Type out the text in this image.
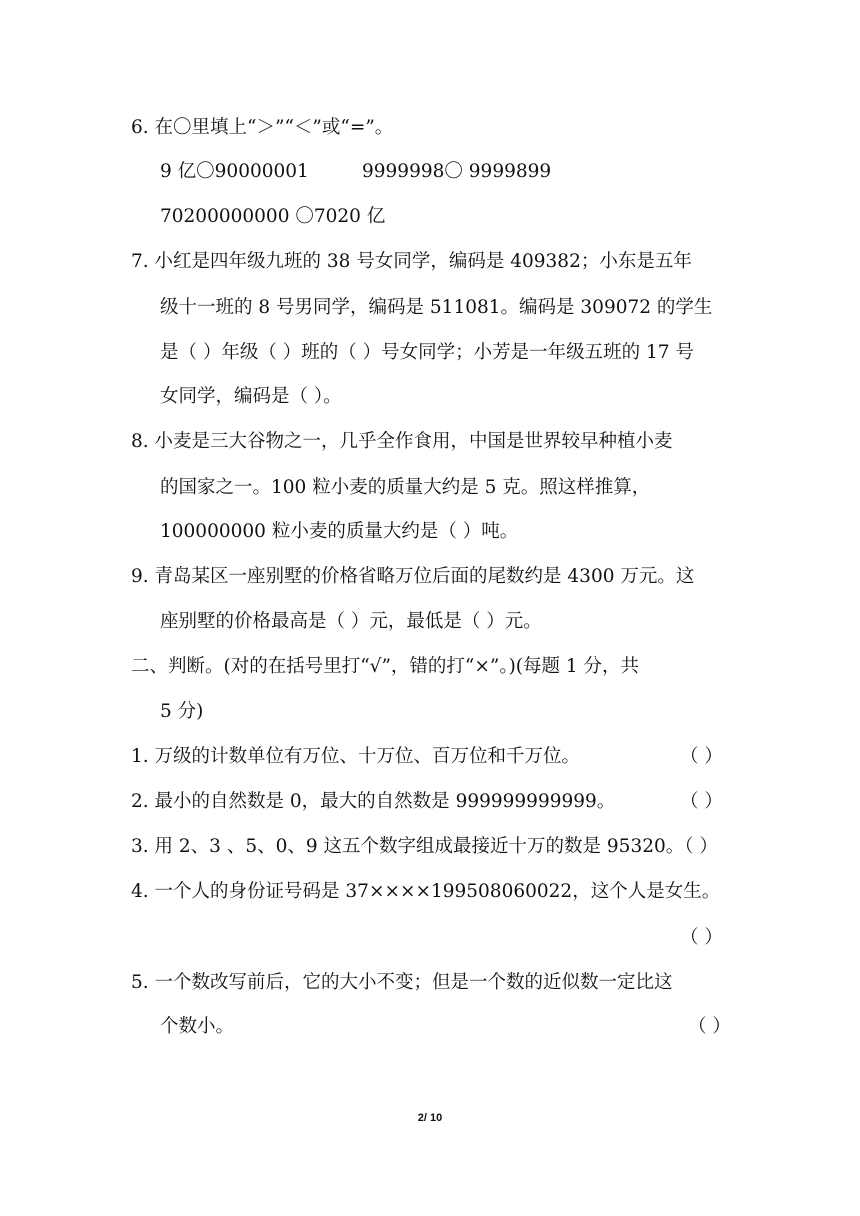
6. 在〇里填上“＞”“＜”或“=”。
9 亿〇90000001	9999998〇 9999899
70200000000 〇7020 亿
7. 小红是四年级九班的 38 号女同学，编码是 409382；小东是五年
级十一班的 8 号男同学，编码是 511081。编码是 309072 的学生
是（ ）年级（ ）班的（ ）号女同学；小芳是一年级五班的 17 号
女同学，编码是（ ）。
8. 小麦是三大谷物之一，几乎全作食用，中国是世界较早种植小麦
的国家之一。100 粒小麦的质量大约是 5 克。照这样推算，
100000000 粒小麦的质量大约是（ ）吨。
9. 青岛某区一座别墅的价格省略万位后面的尾数约是 4300 万元。这
座别墅的价格最高是（ ）元，最低是（ ）元。
二、判断。(对的在括号里打“√”，错的打“×”。)(每题 1 分，共
5 分)
1. 万级的计数单位有万位、十万位、百万位和千万位。	（ ）
2. 最小的自然数是 0，最大的自然数是 999999999999。	（ ）
3. 用 2、3 、5、0、9 这五个数字组成最接近十万的数是 95320。（ ）
4. 一个人的身份证号码是 37××××199508060022，这个人是女生。
（ ）
5. 一个数改写前后，它的大小不变；但是一个数的近似数一定比这
个数小。	（ ）
2/ 10
